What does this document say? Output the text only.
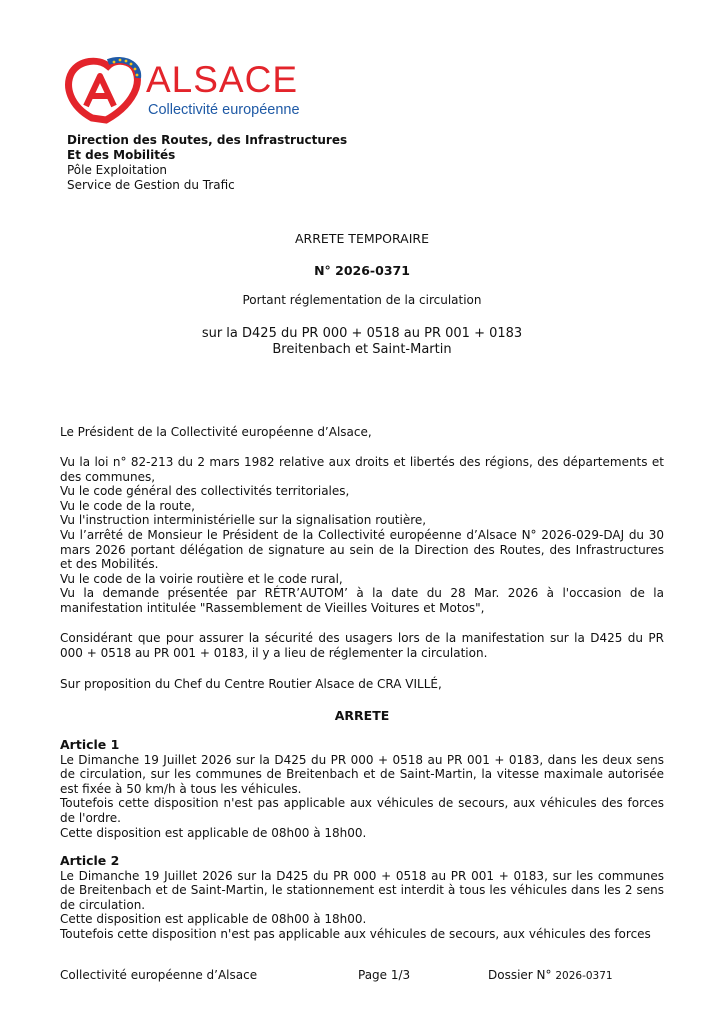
ALSACE
Collectivité européenne
Direction des Routes, des Infrastructures
Et des Mobilités
Pôle Exploitation
Service de Gestion du Trafic
ARRETE TEMPORAIRE
N° 2026-0371
Portant réglementation de la circulation
sur la D425 du PR 000 + 0518 au PR 001 + 0183
Breitenbach et Saint-Martin

Le Président de la Collectivité européenne d’Alsace,

Vu la loi n° 82-213 du 2 mars 1982 relative aux droits et libertés des régions, des départements et des communes,

Vu le code général des collectivités territoriales,

Vu le code de la route,

Vu l'instruction interministérielle sur la signalisation routière,

Vu l’arrêté de Monsieur le Président de la Collectivité européenne d’Alsace N° 2026-029-DAJ du 30 mars 2026 portant délégation de signature au sein de la Direction des Routes, des Infrastructures et des Mobilités.

Vu le code de la voirie routière et le code rural,

Vu la demande présentée par RÉTR’AUTOM’ à la date du 28 Mar. 2026 à l'occasion de la manifestation intitulée "Rassemblement de Vieilles Voitures et Motos",

Considérant que pour assurer la sécurité des usagers lors de la manifestation sur la D425 du PR 000 + 0518 au PR 001 + 0183, il y a lieu de réglementer la circulation.

Sur proposition du Chef du Centre Routier Alsace de CRA VILLÉ,

ARRETE

Article 1

Le Dimanche 19 Juillet 2026 sur la D425 du PR 000 + 0518 au PR 001 + 0183, dans les deux sens de circulation, sur les communes de Breitenbach et de Saint-Martin, la vitesse maximale autorisée est fixée à 50 km/h à tous les véhicules.

Toutefois cette disposition n'est pas applicable aux véhicules de secours, aux véhicules des forces de l'ordre.

Cette disposition est applicable de 08h00 à 18h00.

Article 2

Le Dimanche 19 Juillet 2026 sur la D425 du PR 000 + 0518 au PR 001 + 0183, sur les communes de Breitenbach et de Saint-Martin, le stationnement est interdit à tous les véhicules dans les 2 sens de circulation.

Cette disposition est applicable de 08h00 à 18h00.

Toutefois cette disposition n'est pas applicable aux véhicules de secours, aux véhicules des forces

Collectivité européenne d’Alsace	Page 1/3	Dossier N° 2026-0371
